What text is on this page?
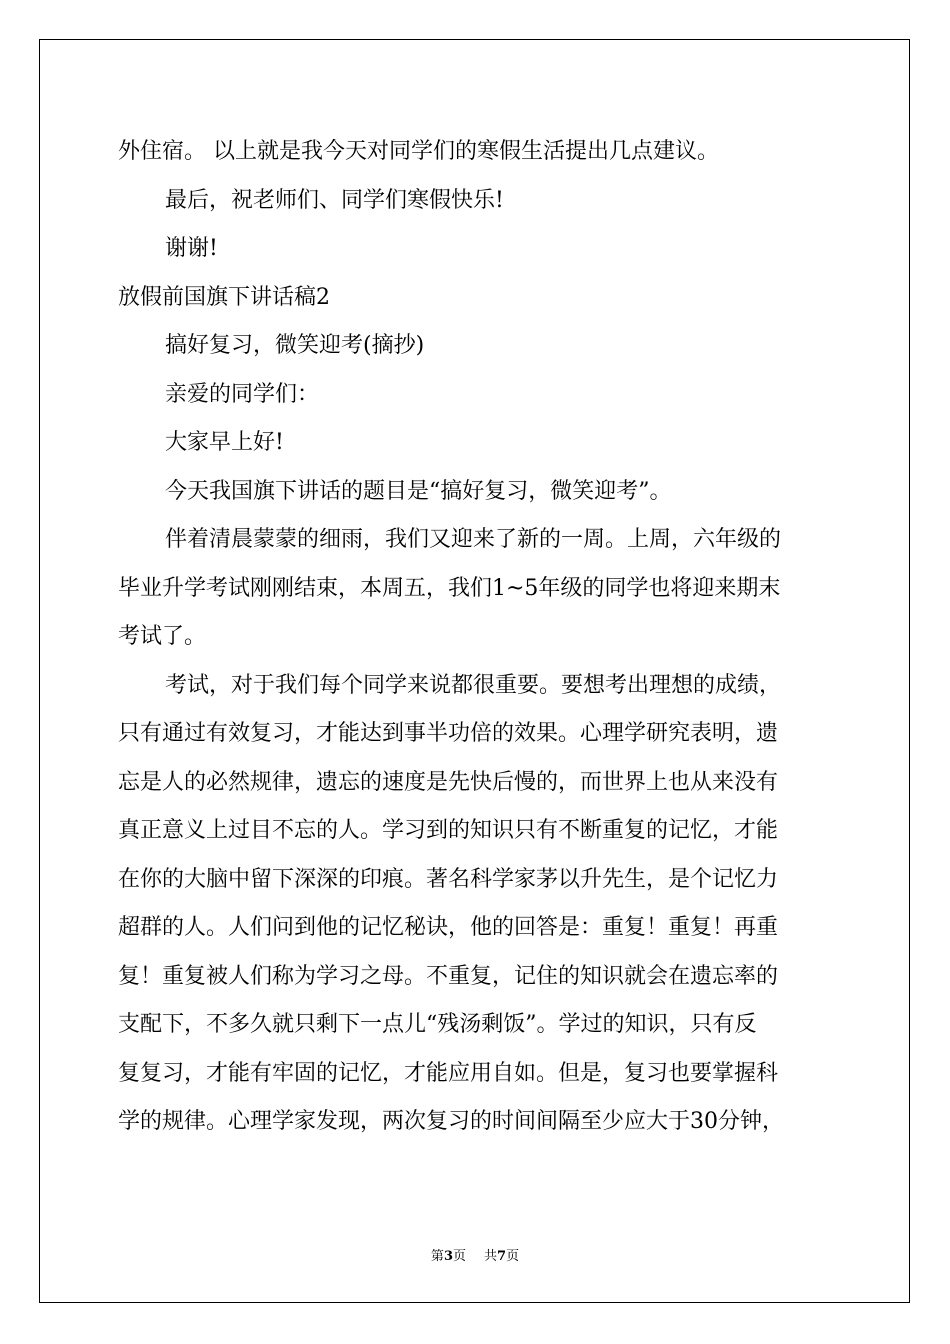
外住宿。 以上就是我今天对同学们的寒假生活提出几点建议。
最后，祝老师们、同学们寒假快乐!
谢谢!
放假前国旗下讲话稿2
搞好复习，微笑迎考(摘抄)
亲爱的同学们：
大家早上好!
今天我国旗下讲话的题目是“搞好复习，微笑迎考”。
伴着清晨蒙蒙的细雨，我们又迎来了新的一周。上周，六年级的
毕业升学考试刚刚结束，本周五，我们1~5年级的同学也将迎来期末
考试了。
考试，对于我们每个同学来说都很重要。要想考出理想的成绩，
只有通过有效复习，才能达到事半功倍的效果。心理学研究表明，遗
忘是人的必然规律，遗忘的速度是先快后慢的，而世界上也从来没有
真正意义上过目不忘的人。学习到的知识只有不断重复的记忆，才能
在你的大脑中留下深深的印痕。著名科学家茅以升先生，是个记忆力
超群的人。人们问到他的记忆秘诀，他的回答是：重复！重复！再重
复！重复被人们称为学习之母。不重复，记住的知识就会在遗忘率的
支配下，不多久就只剩下一点儿“残汤剩饭”。学过的知识，只有反
复复习，才能有牢固的记忆，才能应用自如。但是，复习也要掌握科
学的规律。心理学家发现，两次复习的时间间隔至少应大于30分钟，
第3页 共7页
